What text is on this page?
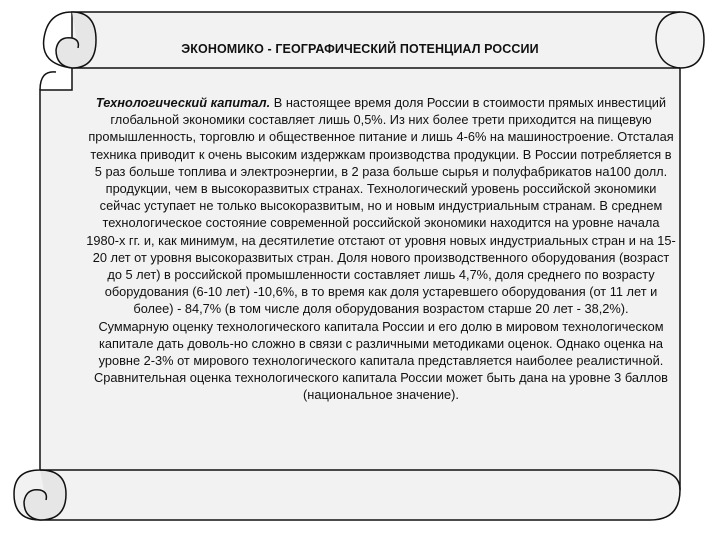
ЭКОНОМИКО - ГЕОГРАФИЧЕСКИЙ ПОТЕНЦИАЛ РОССИИ

Технологический капитал. В настоящее время доля России в стоимости прямых инвестиций глобальной экономики составляет лишь 0,5%. Из них более трети приходится на пищевую промышленность, торговлю и общественное питание и лишь 4-6% на машиностроение. Отсталая техника приводит к очень высоким издержкам производства продукции. В России потребляется в 5 раз больше топлива и электроэнергии, в 2 раза больше сырья и полуфабрикатов на100 долл. продукции, чем в высокоразвитых странах. Технологический уровень российской экономики сейчас уступает не только высокоразвитым, но и новым индустриальным странам. В среднем технологическое состояние современной российской экономики находится на уровне начала 1980-х гг. и, как минимум, на десятилетие отстают от уровня новых индустриальных стран и на 15-20 лет от уровня высокоразвитых стран. Доля нового производственного оборудования (возраст до 5 лет) в российской промышленности составляет лишь 4,7%, доля среднего по возрасту оборудования (6-10 лет) -10,6%, в то время как доля устаревшего оборудования (от 11 лет и более) - 84,7% (в том числе доля оборудования возрастом старше 20 лет - 38,2%).

Суммарную оценку технологического капитала России и его долю в мировом технологическом капитале дать доволь-но сложно в связи с различными методиками оценок. Однако оценка на уровне 2-3% от мирового технологического капитала представляется наиболее реалистичной. Сравнительная оценка технологического капитала России может быть дана на уровне 3 баллов (национальное значение).
